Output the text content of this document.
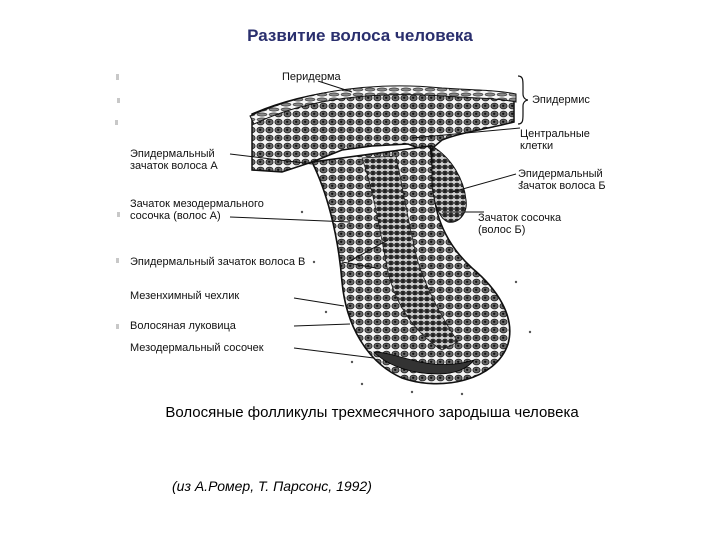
Развитие волоса человека
Перидерма
Эпидермис
Центральные
клетки
Эпидермальный
зачаток волоса Б
Эпидермальный
зачаток волоса А
Зачаток мезодермального
сосочка (волос А)	Зачаток сосочка
(волос Б)
Эпидермальный зачаток волоса В
Мезенхимный чехлик
Волосяная луковица
Мезодермальный сосочек
Волосяные фолликулы трехмесячного зародыша человека
(из А.Ромер, Т. Парсонс, 1992)
